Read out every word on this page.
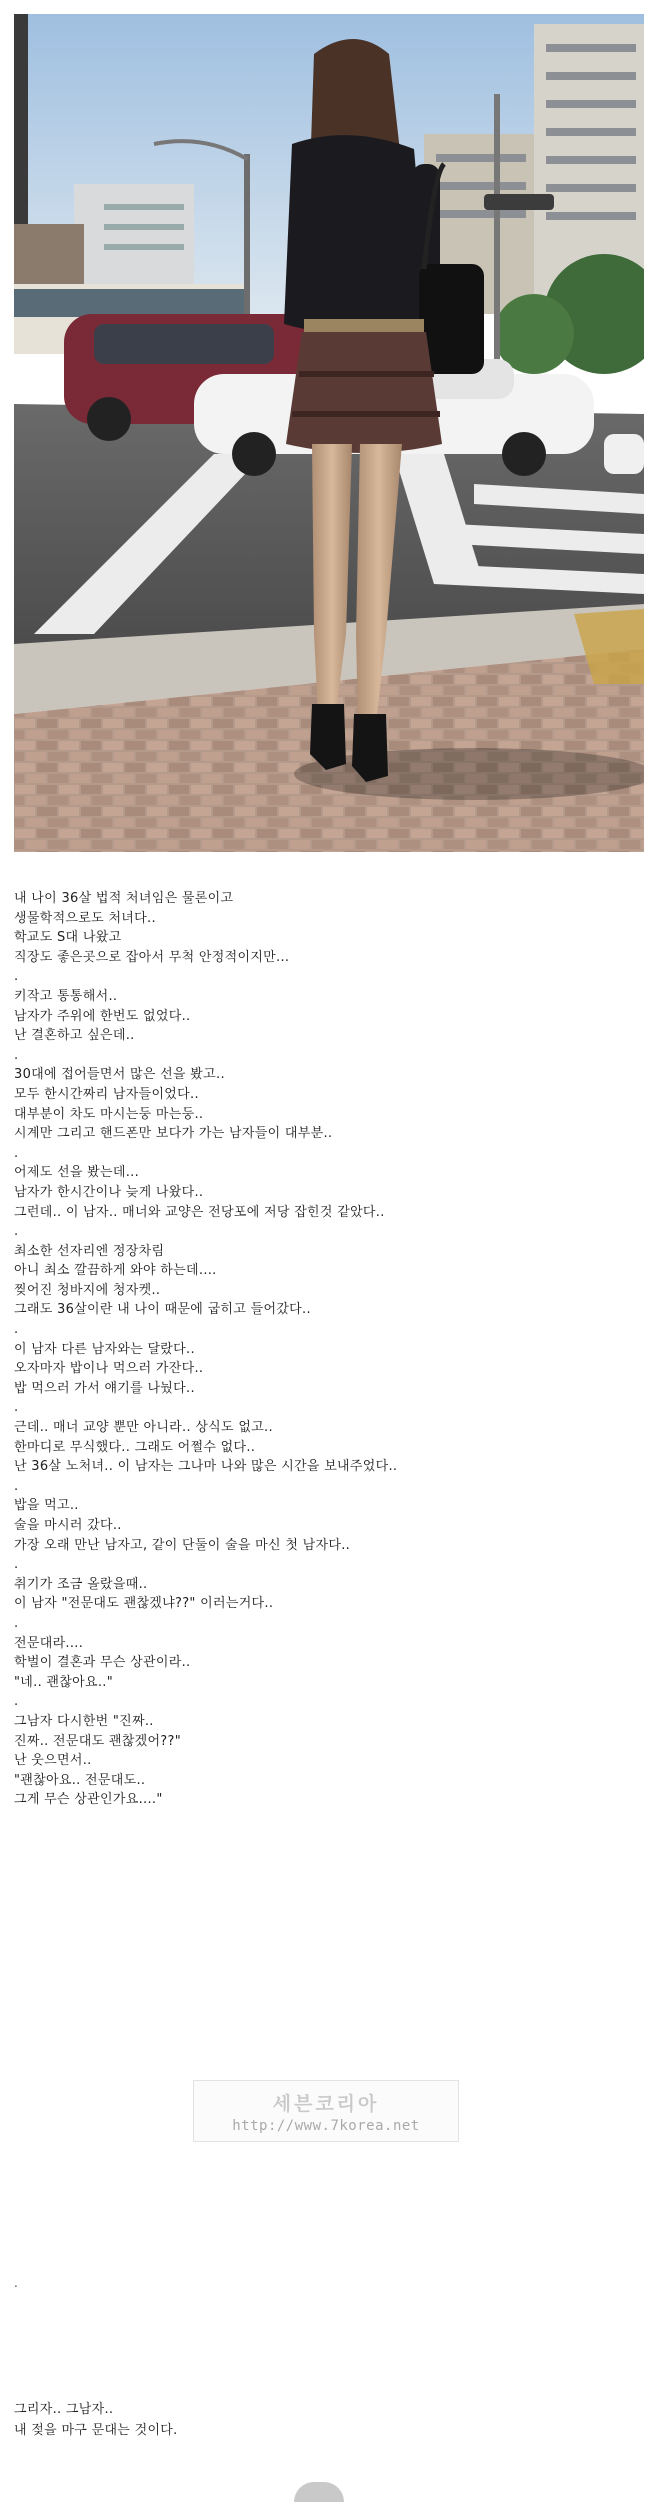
내 나이 36살 법적 처녀임은 물론이고
생물학적으로도 처녀다..
학교도 S대 나왔고
직장도 좋은곳으로 잡아서 무척 안정적이지만...
.
키작고 통통해서..
남자가 주위에 한번도 없었다..
난 결혼하고 싶은데..
.
30대에 접어들면서 많은 선을 봤고..
모두 한시간짜리 남자들이었다..
대부분이 차도 마시는둥 마는둥..
시계만 그리고 핸드폰만 보다가 가는 남자들이 대부분..
.
어제도 선을 봤는데...
남자가 한시간이나 늦게 나왔다..
그런데.. 이 남자.. 매너와 교양은 전당포에 저당 잡힌것 같았다..
.
최소한 선자리엔 정장차림
아니 최소 깔끔하게 와야 하는데....
찢어진 청바지에 청자켓..
그래도 36살이란 내 나이 때문에 굽히고 들어갔다..
.
이 남자 다른 남자와는 달랐다..
오자마자 밥이나 먹으러 가잔다..
밥 먹으러 가서 얘기를 나눴다..
.
근데.. 매너 교양 뿐만 아니라.. 상식도 없고..
한마디로 무식했다.. 그래도 어쩔수 없다..
난 36살 노처녀.. 이 남자는 그나마 나와 많은 시간을 보내주었다..
.
밥을 먹고..
술을 마시러 갔다..
가장 오래 만난 남자고, 같이 단둘이 술을 마신 첫 남자다..
.
취기가 조금 올랐을때..
이 남자 "전문대도 괜찮겠냐??" 이러는거다..
.
전문대라....
학벌이 결혼과 무슨 상관이라..
"네.. 괜찮아요.."
.
그남자 다시한번 "진짜..
진짜.. 전문대도 괜찮겠어??"
난 웃으면서..
"괜찮아요.. 전문대도..
그게 무슨 상관인가요...."
세븐코리아
http://www.7korea.net
.
그리자.. 그남자..
내 젖을 마구 문대는 것이다.
